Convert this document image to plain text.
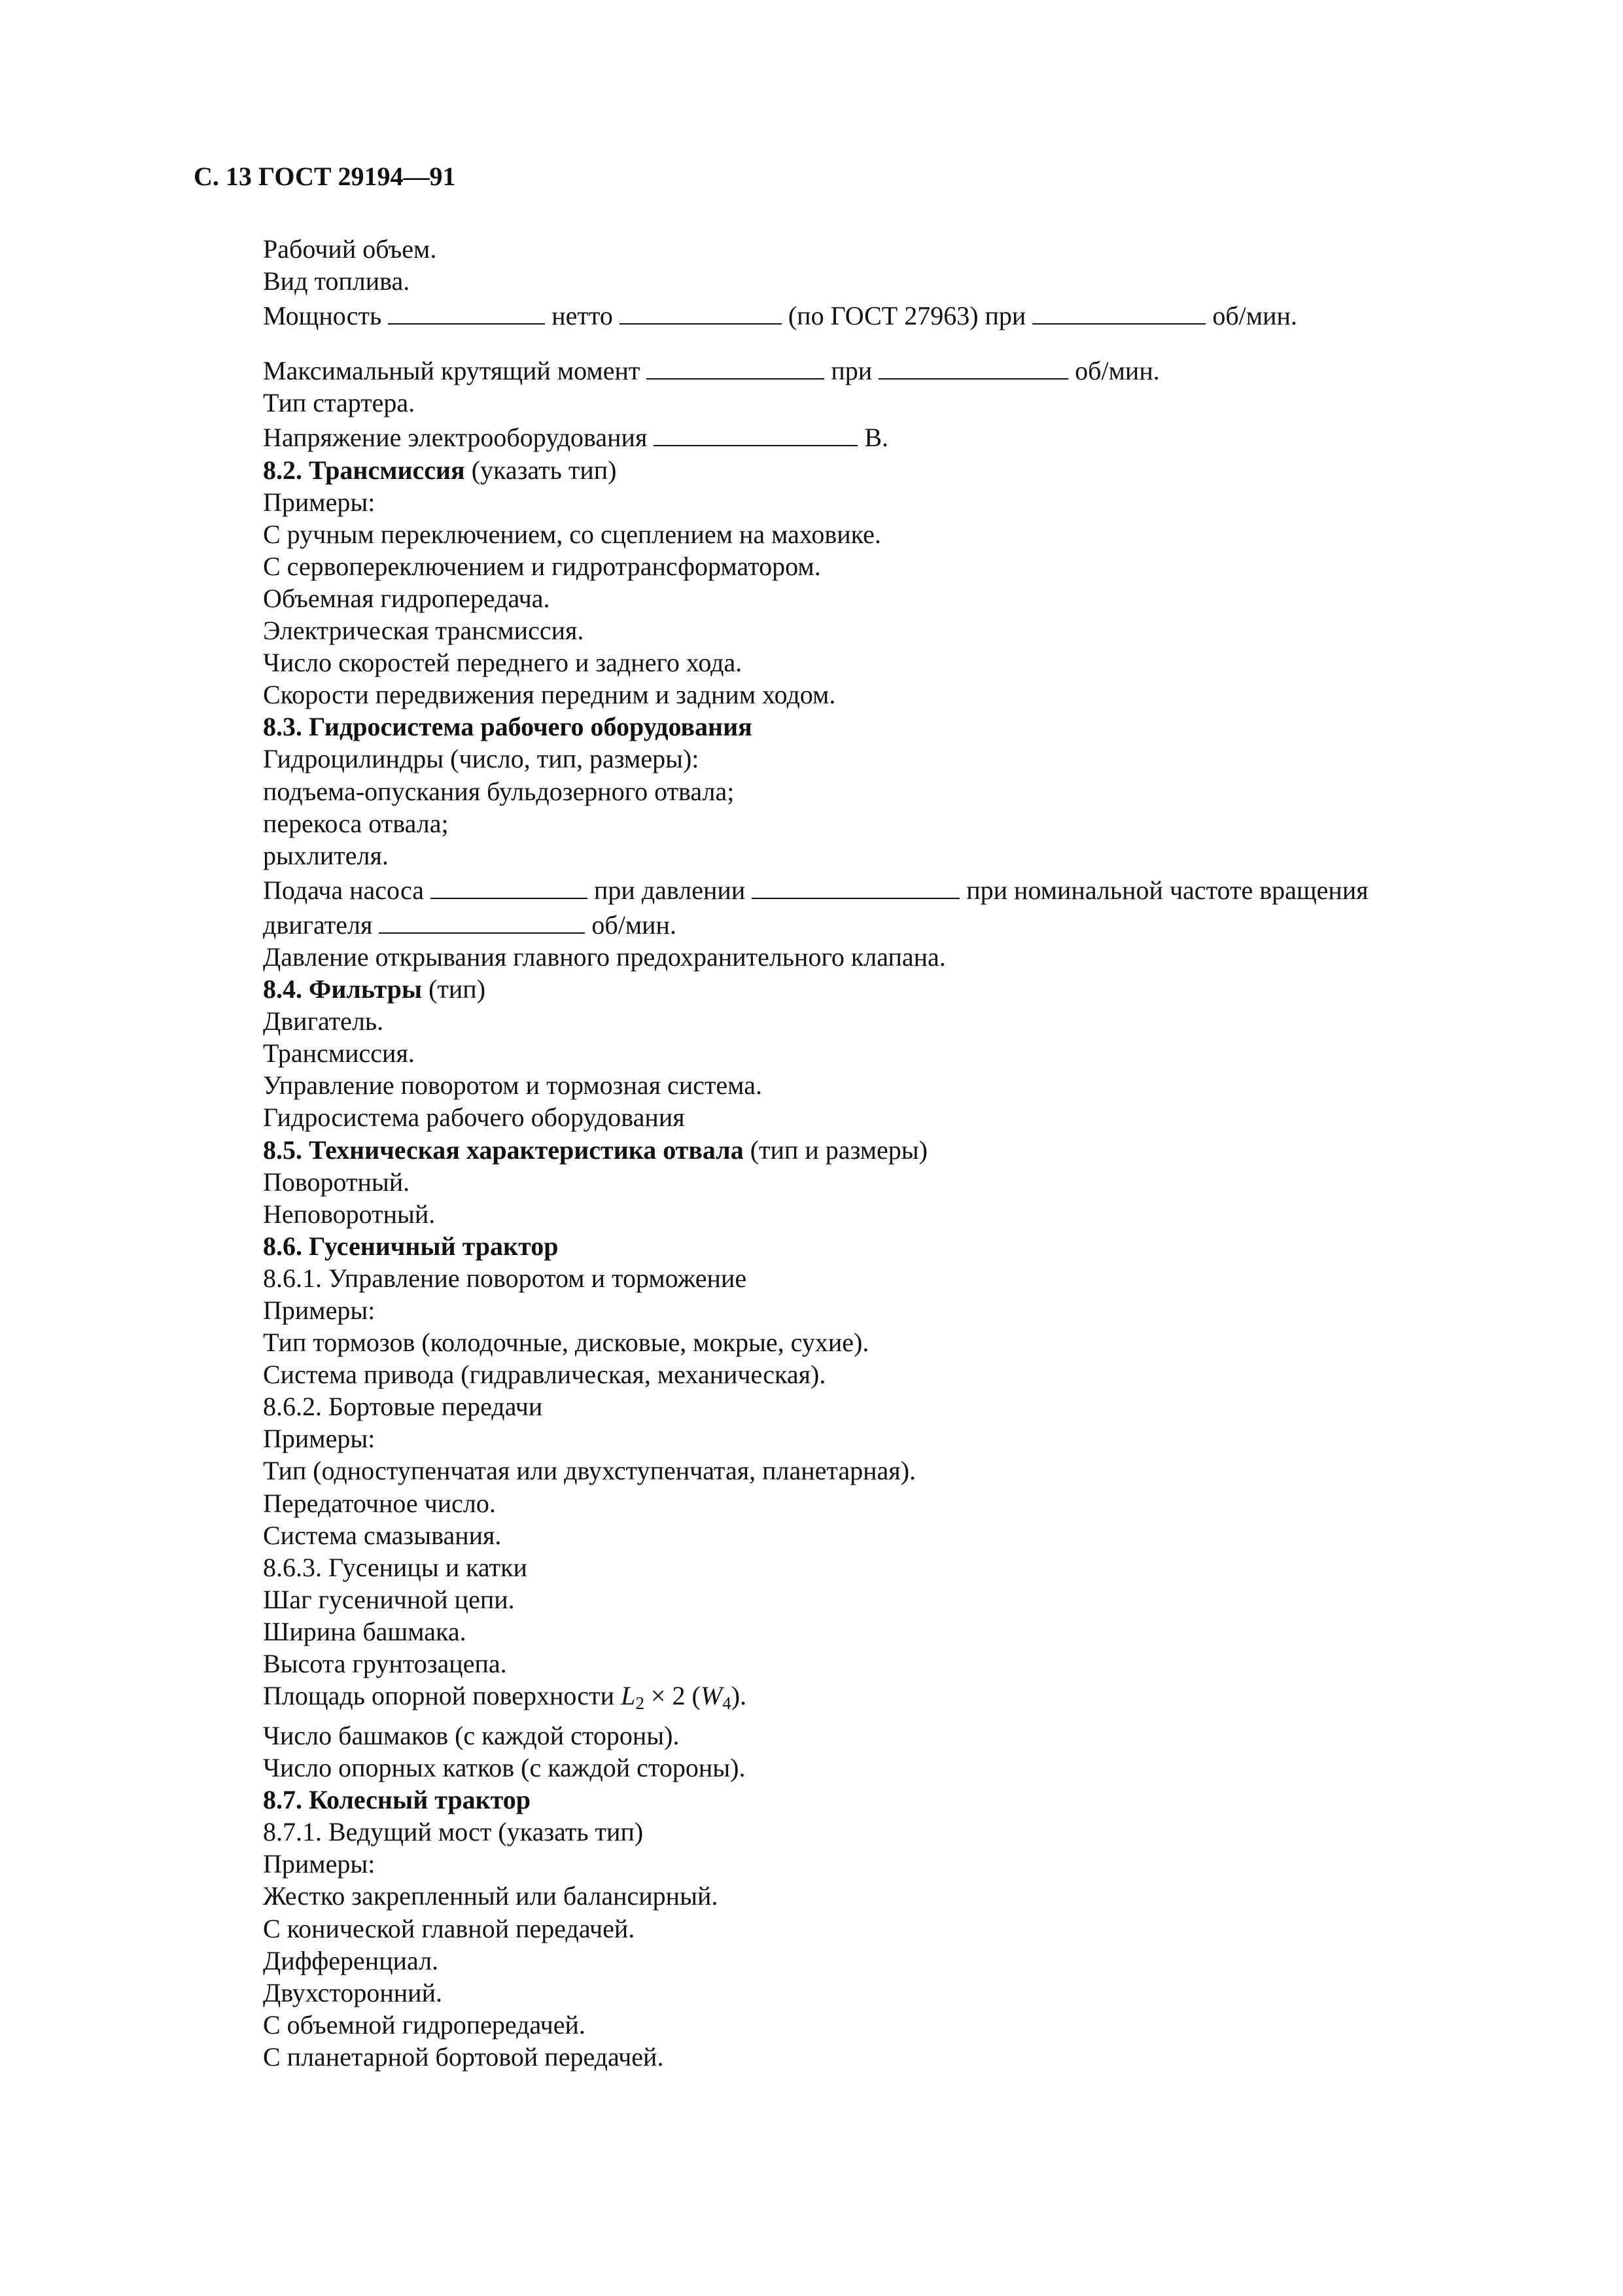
С. 13 ГОСТ 29194—91
Рабочий объем.
Вид топлива.
Мощность	нетто	(по ГОСТ 27963) при	об/мин.
Максимальный крутящий момент	при	об/мин.
Тип стартера.
Напряжение электрооборудования	В.
8.2. Трансмиссия (указать тип)
Примеры:
С ручным переключением, со сцеплением на маховике.
С сервопереключением и гидротрансформатором.
Объемная гидропередача.
Электрическая трансмиссия.
Число скоростей переднего и заднего хода.
Скорости передвижения передним и задним ходом.
8.3. Гидросистема рабочего оборудования
Гидроцилиндры (число, тип, размеры):
подъема-опускания бульдозерного отвала;
перекоса отвала;
рыхлителя.
Подача насоса	при давлении	при номинальной частоте вращения
двигателя	об/мин.
Давление открывания главного предохранительного клапана.
8.4. Фильтры (тип)
Двигатель.
Трансмиссия.
Управление поворотом и тормозная система.
Гидросистема рабочего оборудования
8.5. Техническая характеристика отвала (тип и размеры)
Поворотный.
Неповоротный.
8.6. Гусеничный трактор
8.6.1. Управление поворотом и торможение
Примеры:
Тип тормозов (колодочные, дисковые, мокрые, сухие).
Система привода (гидравлическая, механическая).
8.6.2. Бортовые передачи
Примеры:
Тип (одноступенчатая или двухступенчатая, планетарная).
Передаточное число.
Система смазывания.
8.6.3. Гусеницы и катки
Шаг гусеничной цепи.
Ширина башмака.
Высота грунтозацепа.
Площадь опорной поверхности $L_2 \times 2$ $(W_4)$.
Число башмаков (с каждой стороны).
Число опорных катков (с каждой стороны).
8.7. Колесный трактор
8.7.1. Ведущий мост (указать тип)
Примеры:
Жестко закрепленный или балансирный.
С конической главной передачей.
Дифференциал.
Двухсторонний.
С объемной гидропередачей.
С планетарной бортовой передачей.
